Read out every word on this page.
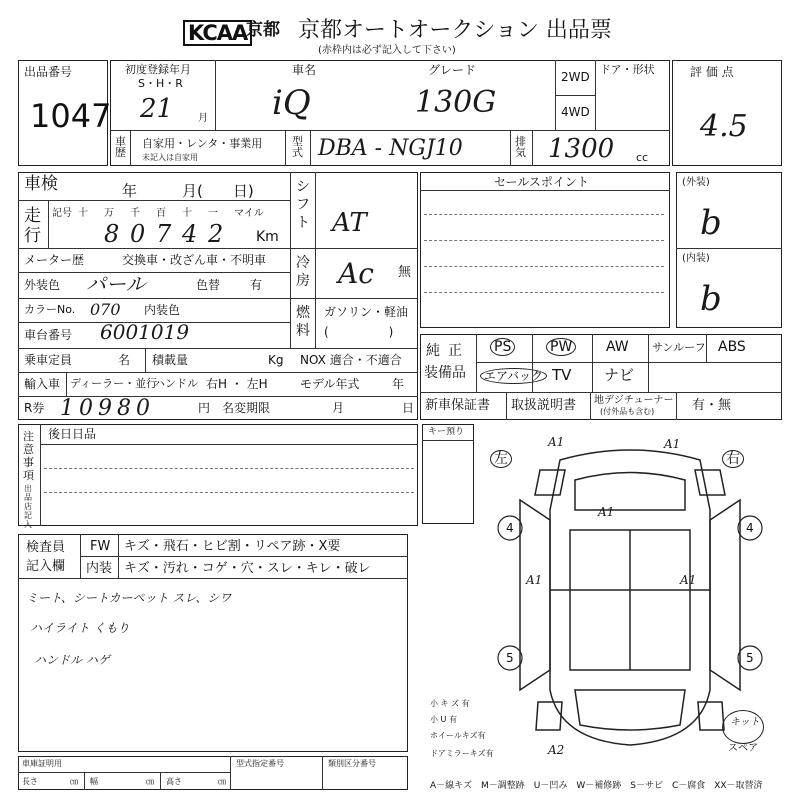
KCAA
京都 京都オートオークション 出品票
(赤枠内は必ず記入して下さい)
出品番号
1047
初度登録年月
S・H・R
21 月
車名
iQ
グレード
130G
2WD
4WD
ドア・形状
車歴
自家用・レンタ・事業用
未記入は自家用
型式 DBA - NGJ10	排気 1300 cc
評 価 点
4.5
車検	年　　　月(　　日)	シフト AT
走行
記号 十	万	千	百	十	一	マイル
8 0 7 4 2	Km
メーター歴	交換車・改ざん車・不明車 冷房 Ac 無
外装色 パール	色替 有
カラーNo. 070 内装色	燃料
ガソリン・軽油
(　　　　　)
車台番号 6001019
乗車定員	名 積載量	Kg NOX 適合・不適合
輸入車 ディーラー・並行
ハンドル 右H ・ 左H	モデル年式	年
R券 10980	円 名変期限	月	日
セールスポイント	(外装)
b
(内装)
b
純正
装備品
PS	PW AW サンルーフ ABS
エアバック TV ナビ
新車保証書 取扱説明書 地デジチューナー
(付外品も含む)	有・無
注意事項
出品店記入
後日日品	キー預り
検査員記入欄
FW キズ・飛石・ヒビ割・リペア跡・X要
内装 キズ・汚れ・コゲ・穴・スレ・キレ・破レ
ミート、シートカーペット スレ、シワ
ハイライト くもり
ハンドル ハゲ
左	右
A1	A1
A1
A1	A1
4	4
5	5
A2
小 キ ズ 有
小 U 有
ホイールキズ有
ドアミラーキズ有
キット
スペア
車庫証明用
長さ	㎝ 幅	㎝ 高さ	㎝
型式指定番号	類別区分番号
A－線キズ　M－調整跡　U－凹み　W－補修跡　S－サビ　C－腐食　XX－取替済
